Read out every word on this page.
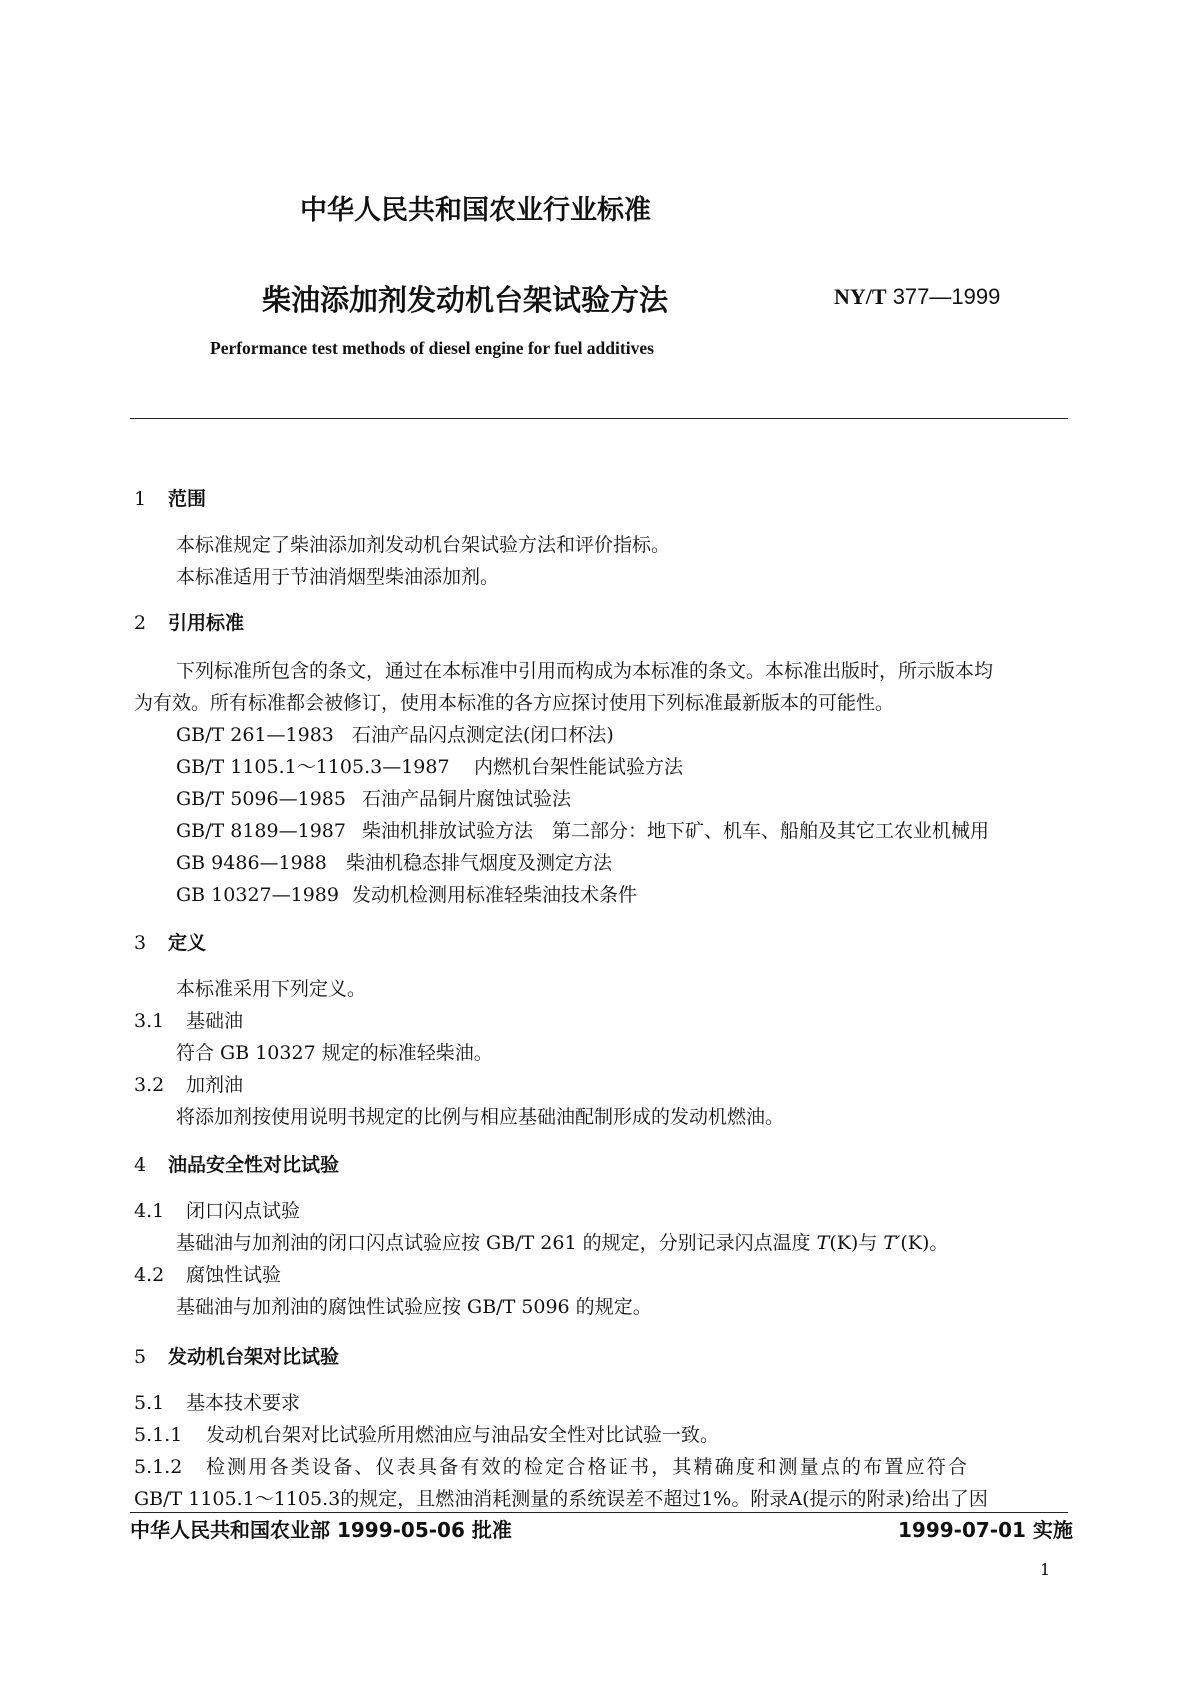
中华人民共和国农业行业标准
柴油添加剂发动机台架试验方法	NY/T 377—1999
Performance test methods of diesel engine for fuel additives
1 范围
本标准规定了柴油添加剂发动机台架试验方法和评价指标。
本标准适用于节油消烟型柴油添加剂。
2 引用标准
下列标准所包含的条文，通过在本标准中引用而构成为本标准的条文。本标准出版时，所示版本均
为有效。所有标准都会被修订，使用本标准的各方应探讨使用下列标准最新版本的可能性。
GB/T 261—1983 石油产品闪点测定法(闭口杯法)
GB/T 1105.1～1105.3—1987 内燃机台架性能试验方法
GB/T 5096—1985 石油产品铜片腐蚀试验法
GB/T 8189—1987 柴油机排放试验方法　第二部分：地下矿、机车、船舶及其它工农业机械用
GB 9486—1988 柴油机稳态排气烟度及测定方法
GB 10327—1989 发动机检测用标准轻柴油技术条件
3 定义
本标准采用下列定义。
3.1 基础油
符合 GB 10327 规定的标准轻柴油。
3.2 加剂油
将添加剂按使用说明书规定的比例与相应基础油配制形成的发动机燃油。
4 油品安全性对比试验
4.1 闭口闪点试验
基础油与加剂油的闭口闪点试验应按 GB/T 261 的规定，分别记录闪点温度 T(K)与 T′(K)。
4.2 腐蚀性试验
基础油与加剂油的腐蚀性试验应按 GB/T 5096 的规定。
5 发动机台架对比试验
5.1 基本技术要求
5.1.1 发动机台架对比试验所用燃油应与油品安全性对比试验一致。
5.1.2 检测用各类设备、仪表具备有效的检定合格证书，其精确度和测量点的布置应符合
GB/T 1105.1～1105.3的规定，且燃油消耗测量的系统误差不超过1%。附录A(提示的附录)给出了因
中华人民共和国农业部 1999-05-06 批准	1999-07-01 实施
1
